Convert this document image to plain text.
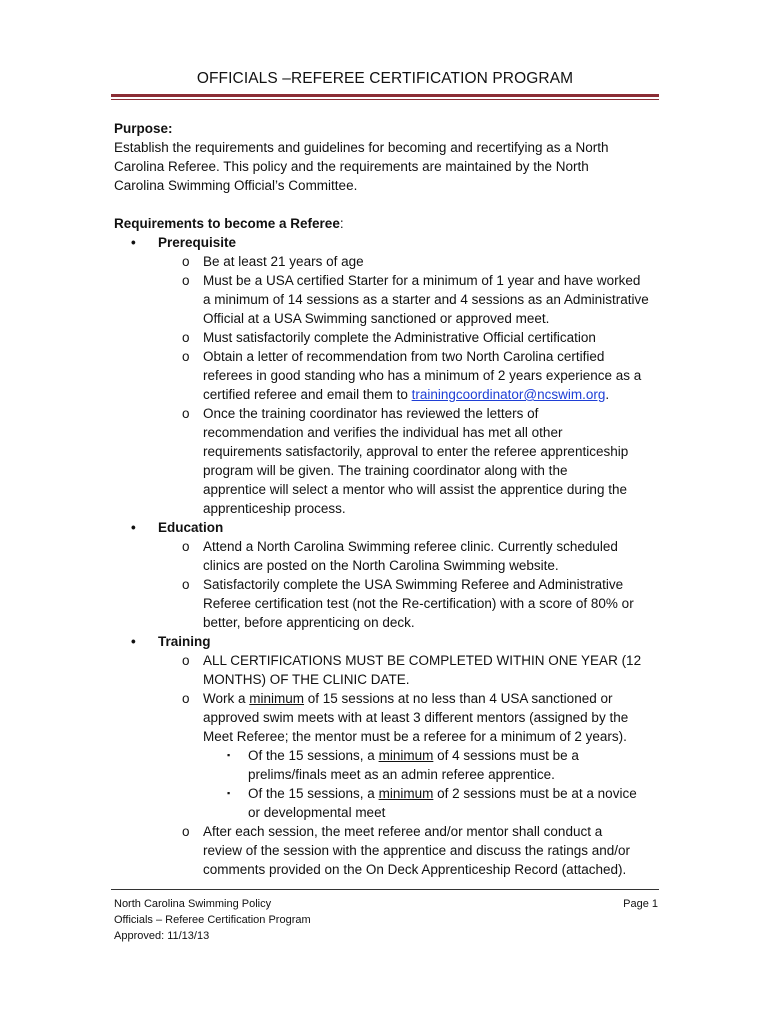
OFFICIALS –REFEREE CERTIFICATION PROGRAM

Purpose:

Establish the requirements and guidelines for becoming and recertifying as a North

Carolina Referee. This policy and the requirements are maintained by the North

Carolina Swimming Official’s Committee.

Requirements to become a Referee:

• Prerequisite
o Be at least 21 years of age
o Must be a USA certified Starter for a minimum of 1 year and have worked
a minimum of 14 sessions as a starter and 4 sessions as an Administrative
Official at a USA Swimming sanctioned or approved meet.
o Must satisfactorily complete the Administrative Official certification
o Obtain a letter of recommendation from two North Carolina certified
referees in good standing who has a minimum of 2 years experience as a
certified referee and email them to trainingcoordinator@ncswim.org.
o Once the training coordinator has reviewed the letters of
recommendation and verifies the individual has met all other
requirements satisfactorily, approval to enter the referee apprenticeship
program will be given. The training coordinator along with the
apprentice will select a mentor who will assist the apprentice during the
apprenticeship process.
• Education
o Attend a North Carolina Swimming referee clinic. Currently scheduled
clinics are posted on the North Carolina Swimming website.
o Satisfactorily complete the USA Swimming Referee and Administrative
Referee certification test (not the Re-certification) with a score of 80% or
better, before apprenticing on deck.
• Training
o ALL CERTIFICATIONS MUST BE COMPLETED WITHIN ONE YEAR (12
MONTHS) OF THE CLINIC DATE.
o Work a minimum of 15 sessions at no less than 4 USA sanctioned or
approved swim meets with at least 3 different mentors (assigned by the
Meet Referee; the mentor must be a referee for a minimum of 2 years).
▪ Of the 15 sessions, a minimum of 4 sessions must be a
prelims/finals meet as an admin referee apprentice.
▪ Of the 15 sessions, a minimum of 2 sessions must be at a novice
or developmental meet
o After each session, the meet referee and/or mentor shall conduct a
review of the session with the apprentice and discuss the ratings and/or
comments provided on the On Deck Apprenticeship Record (attached).
North Carolina Swimming Policy
Officials – Referee Certification Program
Approved: 11/13/13
Page 1
